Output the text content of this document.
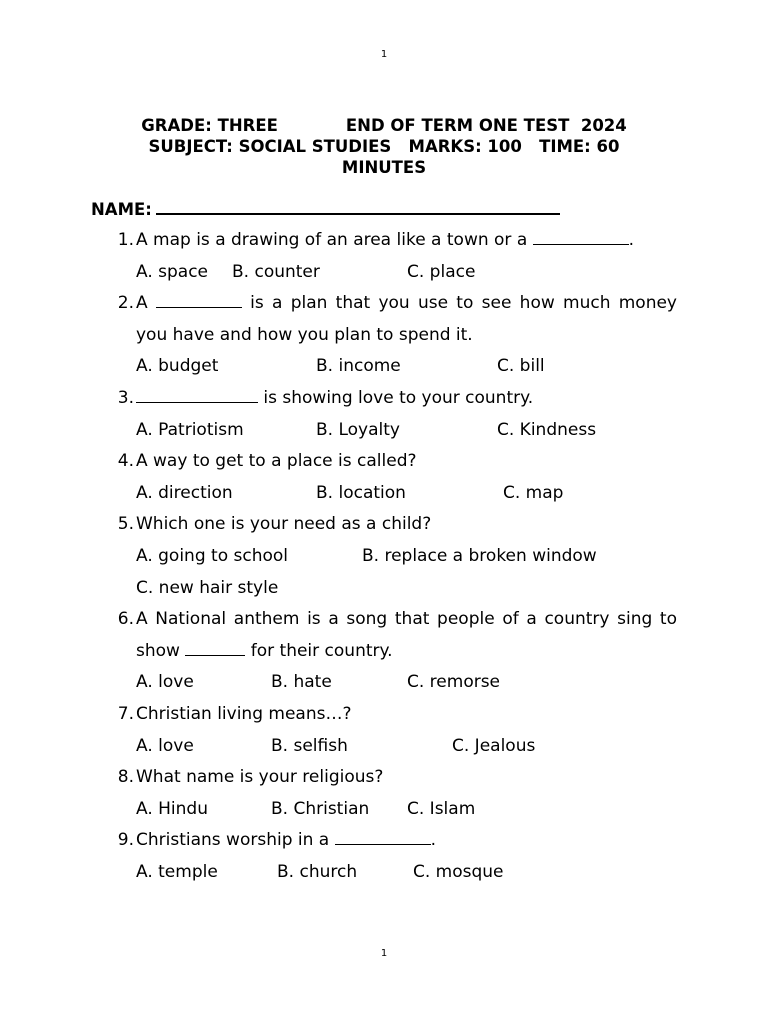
1
GRADE: THREE	END OF TERM ONE TEST  2024
SUBJECT: SOCIAL STUDIES   MARKS: 100   TIME: 60
MINUTES
NAME:
1. A map is a drawing of an area like a town or a	.
A. space B. counter	C. place
2. A	is a plan that you use to see how much money
you have and how you plan to spend it.
A. budget	B. income	C. bill
3.	is showing love to your country.
A. Patriotism	B. Loyalty	C. Kindness
4. A way to get to a place is called?
A. direction	B. location	C. map
5. Which one is your need as a child?
A. going to school	B. replace a broken window
C. new hair style
6. A National anthem is a song that people of a country sing to
show	for their country.
A. love	B. hate	C. remorse
7. Christian living means…?
A. love	B. selfish	C. Jealous
8. What name is your religious?
A. Hindu	B. Christian C. Islam
9. Christians worship in a	.
A. temple	B. church	C. mosque
1
